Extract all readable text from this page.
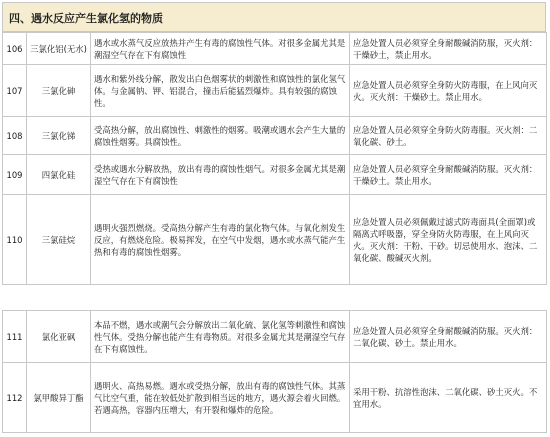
四、遇水反应产生氯化氢的物质
106	三氯化铝(无水)	遇水或水蒸气反应放热并产生有毒的腐蚀性气体。对很多金属尤其是潮湿空气存在下有腐蚀性	应急处置人员必须穿全身耐酸碱消防服，灭火剂：干燥砂土，禁止用水。
107	三氯化砷	遇水和紫外线分解，散发出白色烟雾状的刺激性和腐蚀性的氯化氢气体。与金属钠、钾、铝混合，撞击后能猛烈爆炸。具有较强的腐蚀性。	应急处置人员必须穿全身防火防毒服，在上风向灭火。灭火剂：干燥砂土。禁止用水。
108	三氯化锑	受高热分解，放出腐蚀性、刺激性的烟雾。吸潮或遇水会产生大量的腐蚀性烟雾。具腐蚀性。	应急处置人员必须穿全身防火防毒服。灭火剂：二氧化碳、砂土。
109	四氯化硅	受热或遇水分解放热，放出有毒的腐蚀性烟气。对很多金属尤其是潮湿空气存在下有腐蚀性	应急处置人员必须穿全身耐酸碱消防服。灭火剂：干燥砂土。禁止用水。
110	三氯硅烷	遇明火强烈燃烧。受高热分解产生有毒的氯化物气体。与氧化剂发生反应，有燃烧危险。极易挥发，在空气中发烟，遇水或水蒸气能产生热和有毒的腐蚀性烟雾。	应急处置人员必须佩戴过滤式防毒面具(全面罩)或隔离式呼吸器，穿全身防火防毒服，在上风向灭火。灭火剂：干粉、干砂。切忌使用水、泡沫、二氧化碳、酸碱灭火剂。
111	氯化亚砜	本品不燃，遇水或潮气会分解放出二氧化硫、氯化氢等刺激性和腐蚀性气体。受热分解也能产生有毒物质。对很多金属尤其是潮湿空气存在下有腐蚀性。	应急处置人员必须穿全身耐酸碱消防服。灭火剂：二氧化碳、砂土。禁止用水。
112	氯甲酸异丁酯	遇明火、高热易燃。遇水或受热分解，放出有毒的腐蚀性气体。其蒸气比空气重，能在较低处扩散到相当远的地方，遇火源会着火回燃。若遇高热，容器内压增大，有开裂和爆炸的危险。	采用干粉、抗溶性泡沫、二氧化碳、砂土灭火。不宜用水。
